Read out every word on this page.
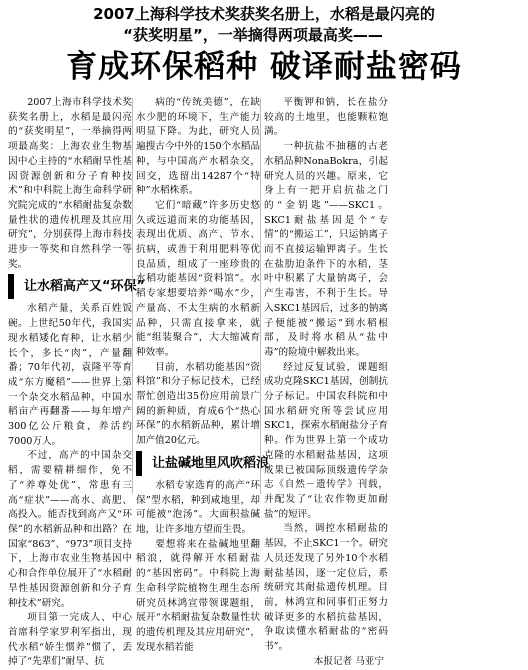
2007上海科学技术奖获奖名册上，水稻是最闪亮的
“获奖明星”，一举摘得两项最高奖——
育成环保稻种 破译耐盐密码

2007上海市科学技术奖获奖名册上，水稻是最闪亮的“获奖明星”，一举摘得两项最高奖：上海农业生物基因中心主持的“水稻耐旱性基因资源创新和分子育种技术”和中科院上海生命科学研究院完成的“水稻耐盐复杂数量性状的遗传机理及其应用研究”，分别获得上海市科技进步一等奖和自然科学一等奖。

让水稻高产又“环保”

水稻产量，关系百姓饭碗。上世纪50年代，我国实现水稻矮化育种，让水稻少长个，多长“肉”，产量翻番；70年代初，袁隆平等育成“东方魔稻”——世界上第一个杂交水稻品种，中国水稻亩产再翻番——每年增产300亿公斤粮食，养活约7000万人。

不过，高产的中国杂交稻，需要精耕细作，免不了“养尊处优”，常患有三高“症状”——高水、高肥、高投入。能否找到高产又“环保”的水稻新品种和出路？在国家“863”、“973”项目支持下，上海市农业生物基因中心和合作单位展开了“水稻耐旱性基因资源创新和分子育种技术”研究。

项目第一完成人、中心首席科学家罗利军指出，现代水稻“娇生惯养”惯了，丢掉了“先辈们”耐旱、抗

病的“传统美德”，在缺水少肥的环境下，生产能力明显下降。为此，研究人员遍搜古今中外的150个水稻品种，与中国高产水稻杂交，回交，选留出14287个“特种”水稻株系。

它们“暗藏”许多历史悠久或远道而来的功能基因，表现出优质、高产、节水、抗病，或善于利用肥料等优良品质，组成了一座珍贵的水稻功能基因“资料馆”。水稻专家想要培养“喝水”少，产量高、不太生病的水稻新品种，只需直接拿来，就能“组装聚合”，大大缩减育种效率。

目前，水稻功能基因“资料馆”和分子标记技术，已经帮忙创造出35份应用前景广阔的新种质，育成6个“热心环保”的水稻新品种，累计增加产值20亿元。

让盐碱地里风吹稻浪

水稻专家选育的高产“环保”型水稻，种到咸地里，却可能被“泡汤”。大面积盐碱地，让许多地方望而生畏。

要想将来在盐碱地里翻稻浪，就得解开水稻耐盐的“基因密码”。中科院上海生命科学院植物生理生态所研究员林鸿宣带领课题组，展开“水稻耐盐复杂数量性状的遗传机理及其应用研究”，发现水稻若能

平衡钾和钠，长在盐分较高的土地里，也能颗粒饱满。

一种抗盐不抽穗的古老水稻品种NonaBokra，引起研究人员的兴趣。原来，它身上有一把开启抗盐之门的“金钥匙”——SKC1。SKC1耐盐基因是个“专情”的“搬运工”，只运钠离子而不直接运输钾离子。生长在盐肋迫条件下的水稻，茎叶中积累了大量钠离子，会产生毒害，不利于生长。导入SKC1基因后，过多的钠离子便能被“搬运”到水稻根部，及时将水稻从“盐中毒”的险境中解救出来。

经过反复试验，课题组成功克隆SKC1基因，创制抗分子标记。中国农科院和中国水稻研究所等尝试应用SKC1，探索水稻耐盐分子育种。作为世界上第一个成功克隆的水稻耐盐基因，这项成果已被国际顶级遗传学杂志《自然－遗传学》刊载，并配发了“让农作物更加耐盐”的短评。

当然，调控水稻耐盐的基因，不止SKC1一个。研究人员还发现了另外10个水稻耐盐基因，逐一定位后，系统研究其耐盐遗传机理。目前，林鸿宣和同事们正努力破译更多的水稻抗盐基因，争取读懂水稻耐盐的“密码书”。
本报记者 马亚宁
